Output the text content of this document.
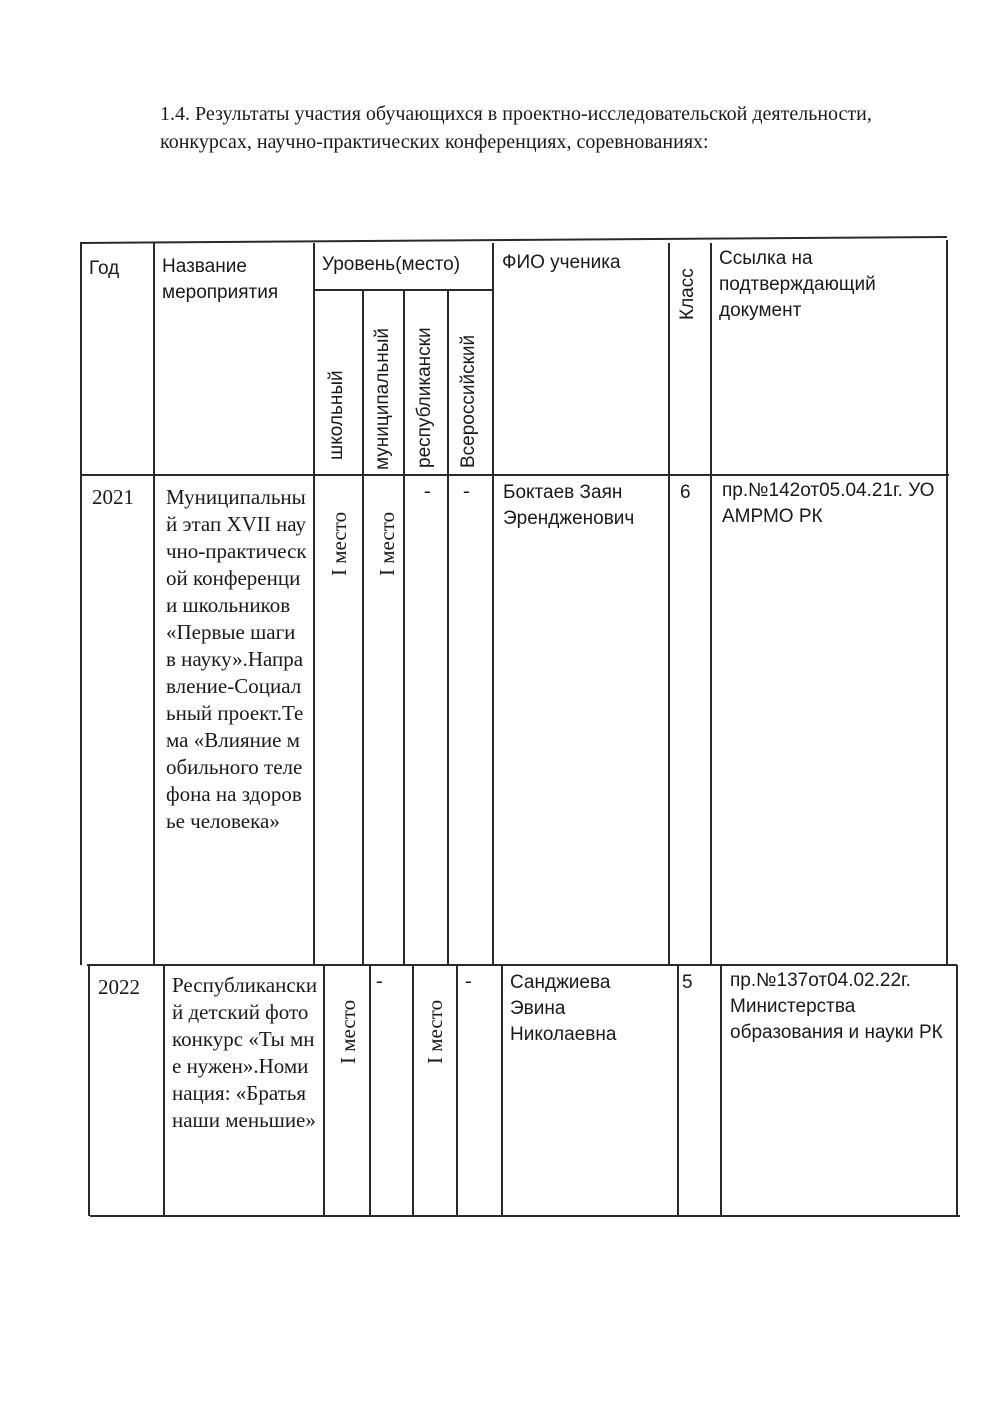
1.4. Результаты участия обучающихся в проектно-исследовательской деятельности, конкурсах, научно-практических конференциях, соревнованиях:
Год Название мероприятия
Уровень(место)
школьный муниципальный республикански Всероссийский
ФИО ученика
Класс
Ссылка на подтверждающий документ
2021 Муниципальный этап XVII научно-практической конференции школьников «Первые шаги в науку».Направление-Социальный проект.Тема «Влияние мобильного телефона на здоровье человека»
I место I место
- - Боктаев Заян Эрендженович
6 пр.№142от05.04.21г. УО АМРМО РК
2022 Республиканский детский фотоконкурс «Ты мне нужен».Номинация: «Братья наши меньшие»
I место
-
I место
- Санджиева Эвина Николаевна
5 пр.№137от04.02.22г. Министерства образования и науки РК
